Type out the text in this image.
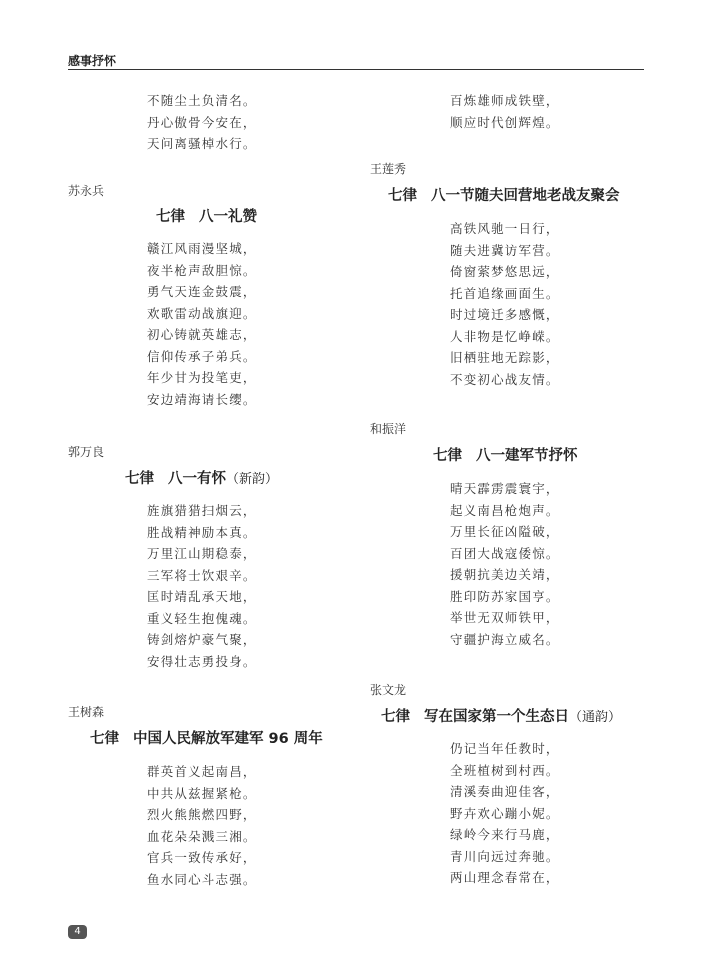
感事抒怀
不随尘土负清名。
丹心傲骨今安在，
天问离骚棹水行。
苏永兵
七律 八一礼赞
赣江风雨漫坚城，
夜半枪声敌胆惊。
勇气天连金鼓震，
欢歌雷动战旗迎。
初心铸就英雄志，
信仰传承子弟兵。
年少甘为投笔吏，
安边靖海请长缨。
郭万良
七律 八一有怀（新韵）
旌旗猎猎扫烟云，
胜战精神励本真。
万里江山期稳泰，
三军将士饮艰辛。
匡时靖乱承天地，
重义轻生抱傀魂。
铸剑熔炉豪气聚，
安得壮志勇投身。
王树森
七律 中国人民解放军建军 96 周年
群英首义起南昌，
中共从兹握紧枪。
烈火熊熊燃四野，
血花朵朵溅三湘。
官兵一致传承好，
鱼水同心斗志强。
百炼雄师成铁壁，
顺应时代创辉煌。
王莲秀
七律 八一节随夫回营地老战友聚会
高铁风驰一日行，
随夫进冀访军营。
倚窗萦梦悠思远，
托首追缘画面生。
时过境迁多感慨，
人非物是忆峥嵘。
旧栖驻地无踪影，
不变初心战友情。
和振洋
七律 八一建军节抒怀
晴天霹雳震寰宇，
起义南昌枪炮声。
万里长征凶隘破，
百团大战寇倭惊。
援朝抗美边关靖，
胜印防苏家国亨。
举世无双师铁甲，
守疆护海立威名。
张文龙
七律 写在国家第一个生态日（通韵）
仍记当年任教时，
全班植树到村西。
清溪奏曲迎佳客，
野卉欢心蹦小妮。
绿岭今来行马鹿，
青川向远过奔驰。
两山理念春常在，
4
